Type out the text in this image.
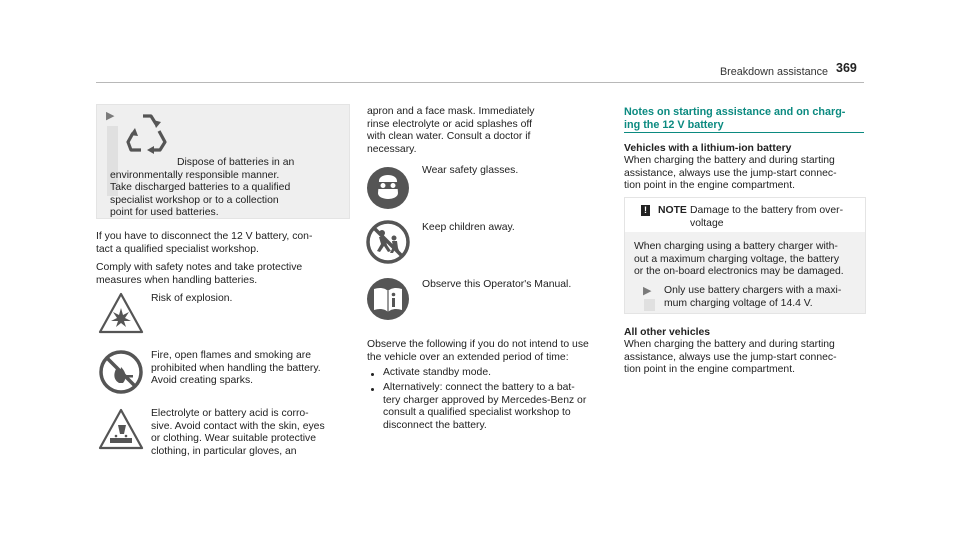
Breakdown assistance 369
▶
Dispose of batteries in an
environmentally responsible manner.
Take discharged batteries to a qualified
specialist workshop or to a collection
point for used batteries.
If you have to disconnect the 12 V battery, con-
tact a qualified specialist workshop.
Comply with safety notes and take protective
measures when handling batteries.
Risk of explosion.
Fire, open flames and smoking are
prohibited when handling the battery.
Avoid creating sparks.
Electrolyte or battery acid is corro-
sive. Avoid contact with the skin, eyes
or clothing. Wear suitable protective
clothing, in particular gloves, an
apron and a face mask. Immediately
rinse electrolyte or acid splashes off
with clean water. Consult a doctor if
necessary.
Wear safety glasses.
Keep children away.
Observe this Operator's Manual.
Observe the following if you do not intend to use
the vehicle over an extended period of time:
Activate standby mode.
Alternatively: connect the battery to a bat-
tery charger approved by Mercedes-Benz or
consult a qualified specialist workshop to
disconnect the battery.
Notes on starting assistance and on charg-
ing the 12 V battery
Vehicles with a lithium-ion battery
When charging the battery and during starting
assistance, always use the jump-start connec-
tion point in the engine compartment.
! NOTE Damage to the battery from over-
voltage
When charging using a battery charger with-
out a maximum charging voltage, the battery
or the on-board electronics may be damaged.
▶ Only use battery chargers with a maxi-
mum charging voltage of 14.4 V.
All other vehicles
When charging the battery and during starting
assistance, always use the jump-start connec-
tion point in the engine compartment.
